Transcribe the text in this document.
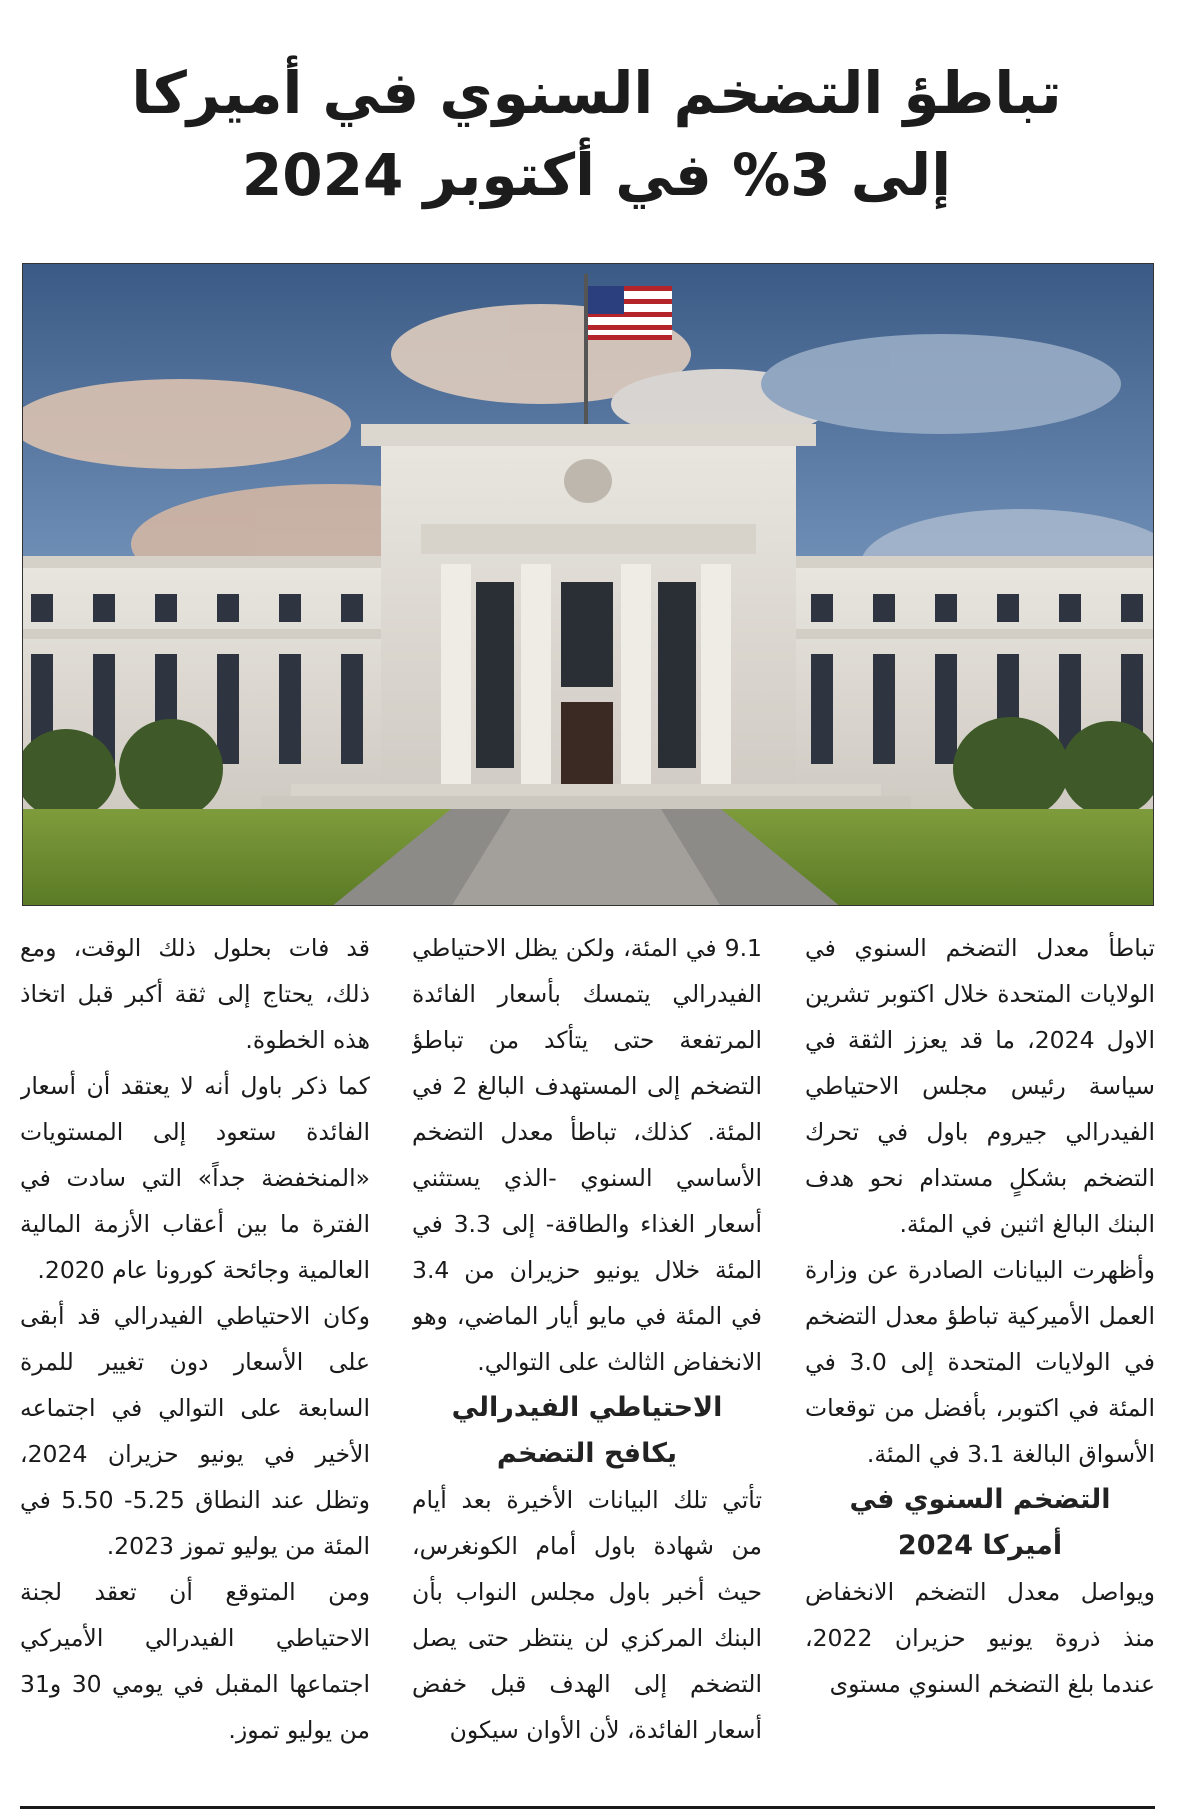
تباطؤ التضخم السنوي في أميركا
إلى 3% في أكتوبر 2024

تباطأ معدل التضخم السنوي في الولايات المتحدة خلال اكتوبر تشرين الاول 2024، ما قد يعزز الثقة في سياسة رئيس مجلس الاحتياطي الفيدرالي جيروم باول في تحرك التضخم بشكلٍ مستدام نحو هدف البنك البالغ اثنين في المئة.

وأظهرت البيانات الصادرة عن وزارة العمل الأميركية تباطؤ معدل التضخم في الولايات المتحدة إلى 3.0 في المئة في اكتوبر، بأفضل من توقعات الأسواق البالغة 3.1 في المئة.

التضخم السنوي في أميركا 2024

ويواصل معدل التضخم الانخفاض منذ ذروة يونيو حزيران 2022، عندما بلغ التضخم السنوي مستوى

9.1 في المئة، ولكن يظل الاحتياطي الفيدرالي يتمسك بأسعار الفائدة المرتفعة حتى يتأكد من تباطؤ التضخم إلى المستهدف البالغ 2 في المئة. كذلك، تباطأ معدل التضخم الأساسي السنوي -الذي يستثني أسعار الغذاء والطاقة- إلى 3.3 في المئة خلال يونيو حزيران من 3.4 في المئة في مايو أيار الماضي، وهو الانخفاض الثالث على التوالي.

الاحتياطي الفيدرالي يكافح التضخم

تأتي تلك البيانات الأخيرة بعد أيام من شهادة باول أمام الكونغرس، حيث أخبر باول مجلس النواب بأن البنك المركزي لن ينتظر حتى يصل التضخم إلى الهدف قبل خفض أسعار الفائدة، لأن الأوان سيكون

قد فات بحلول ذلك الوقت، ومع ذلك، يحتاج إلى ثقة أكبر قبل اتخاذ هذه الخطوة.

كما ذكر باول أنه لا يعتقد أن أسعار الفائدة ستعود إلى المستويات «المنخفضة جداً» التي سادت في الفترة ما بين أعقاب الأزمة المالية العالمية وجائحة كورونا عام 2020.

وكان الاحتياطي الفيدرالي قد أبقى على الأسعار دون تغيير للمرة السابعة على التوالي في اجتماعه الأخير في يونيو حزيران 2024، وتظل عند النطاق 5.25- 5.50 في المئة من يوليو تموز 2023.

ومن المتوقع أن تعقد لجنة الاحتياطي الفيدرالي الأميركي اجتماعها المقبل في يومي 30 و31 من يوليو تموز.
